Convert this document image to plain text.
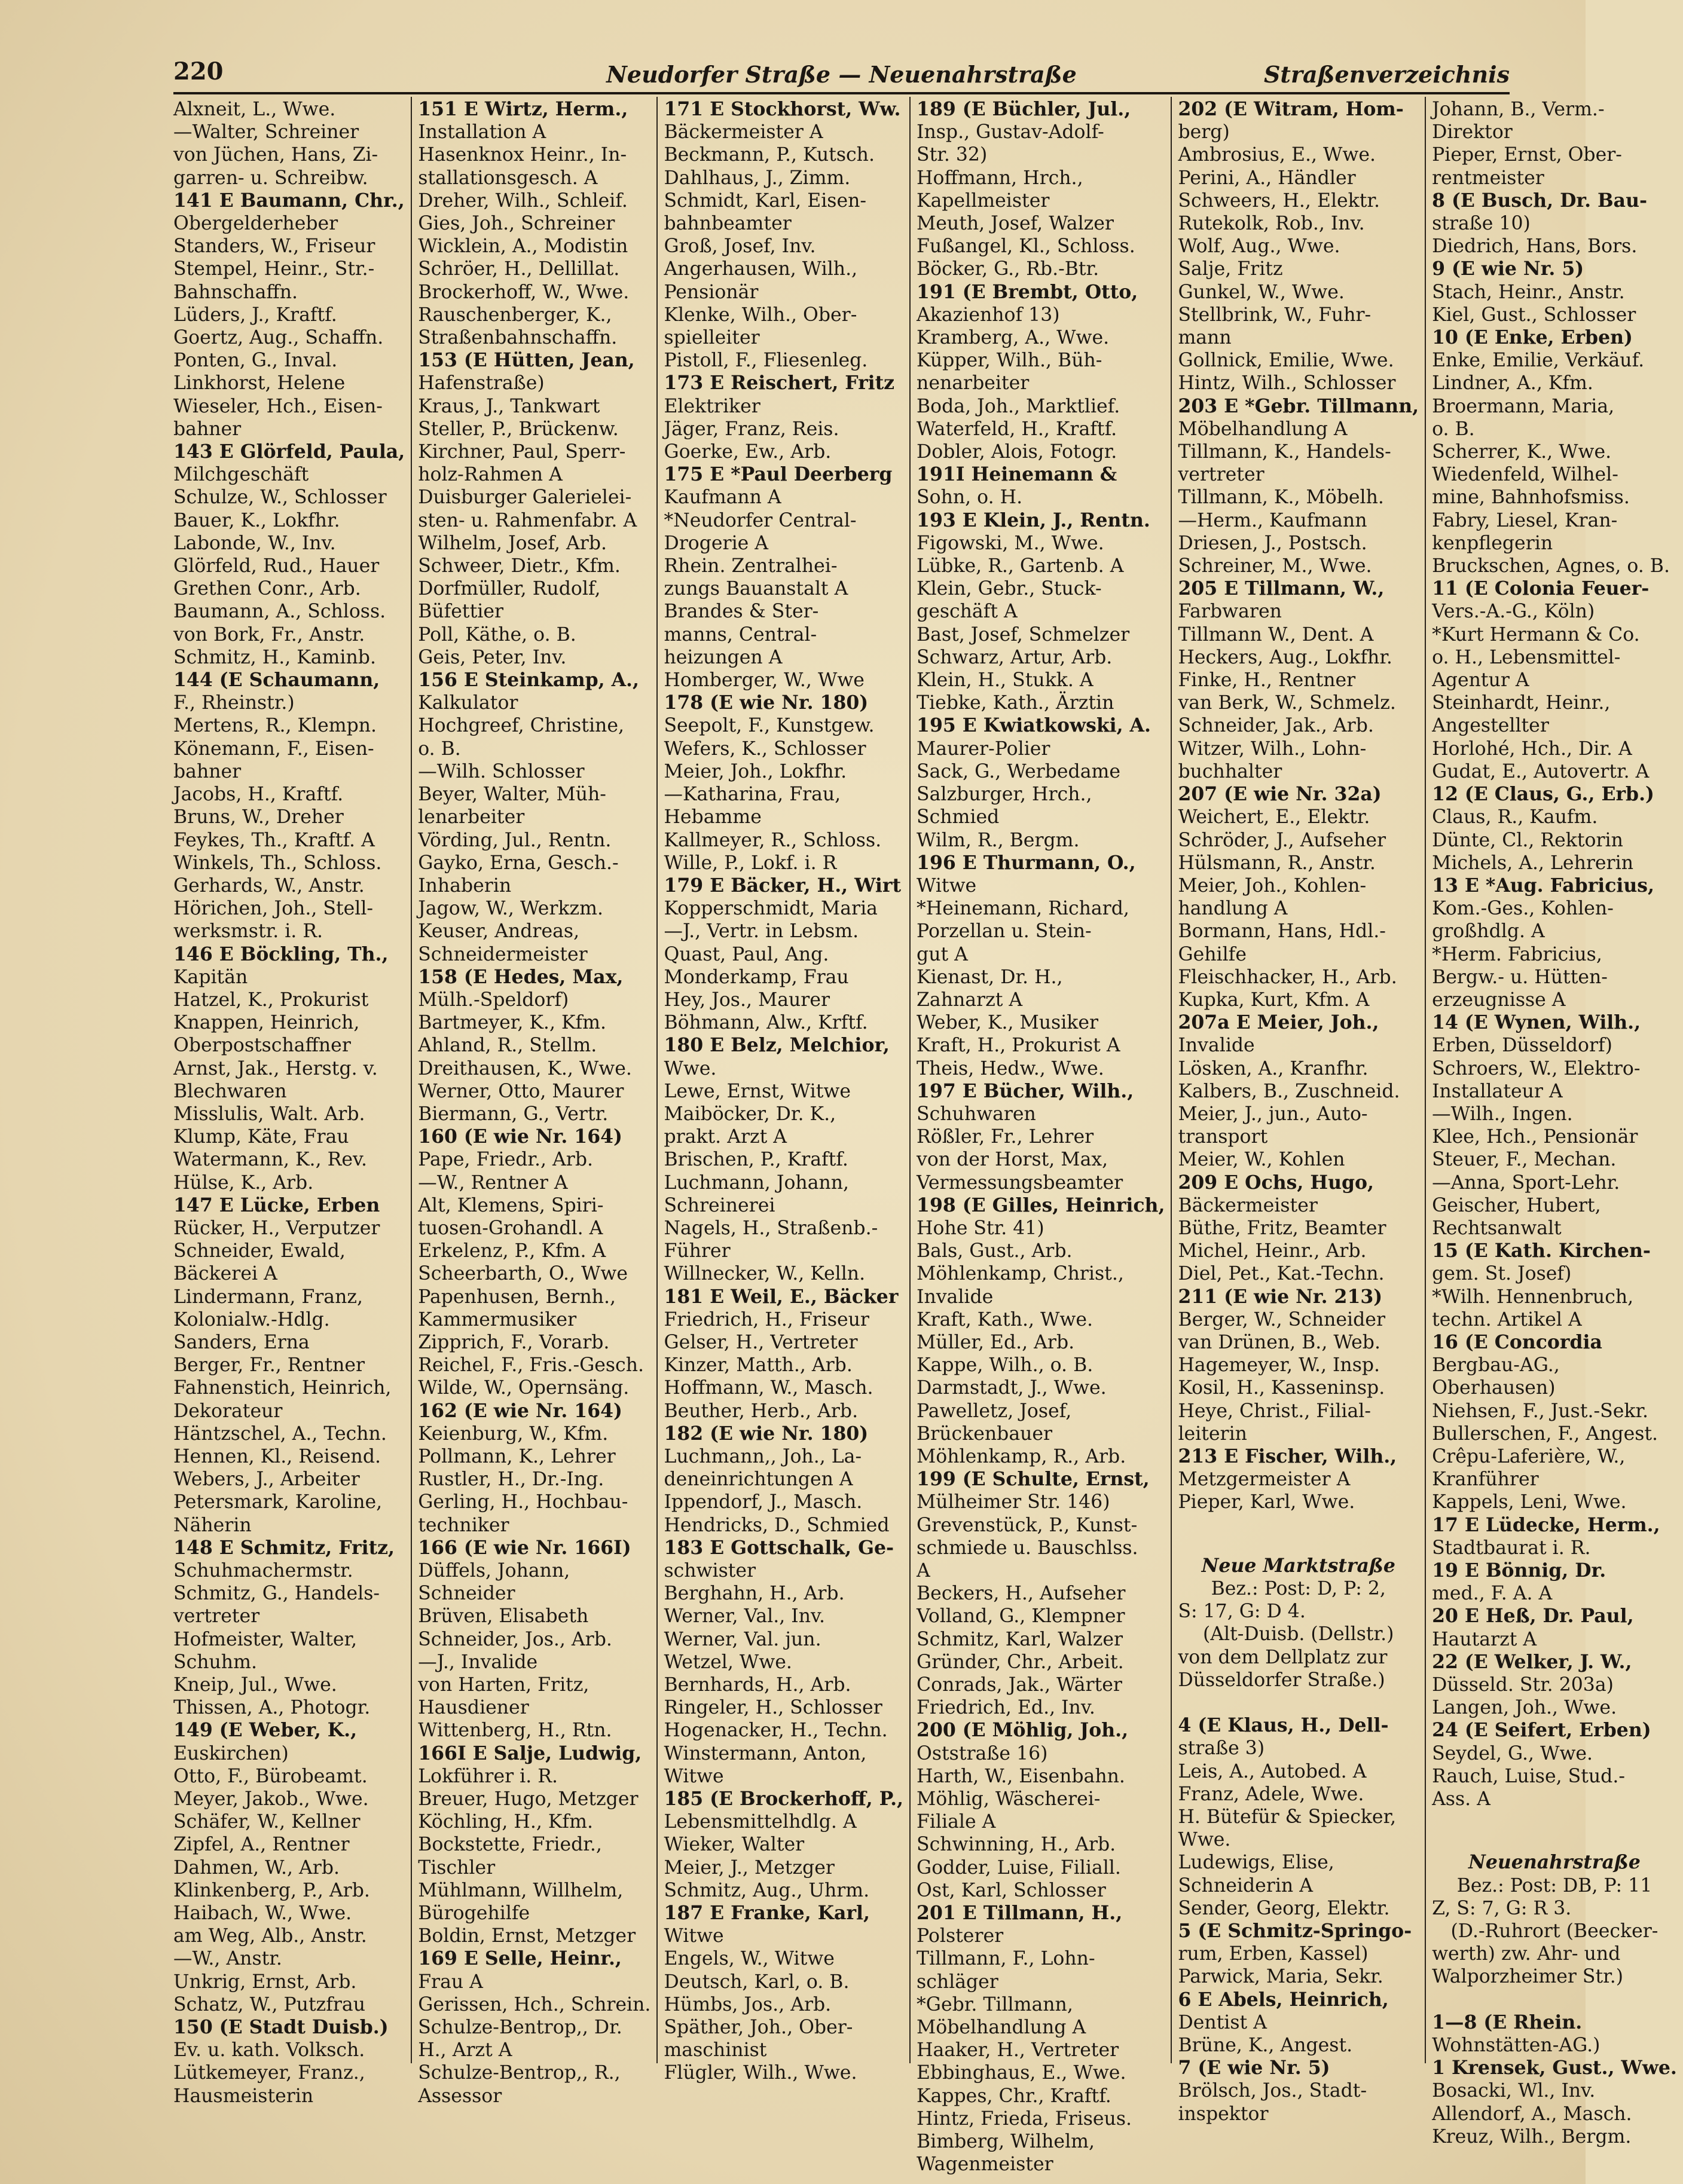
220	Neudorfer Straße — Neuenahrstraße	Straßenverzeichnis
Alxneit, L., Wwe.
—Walter, Schreiner
von Jüchen, Hans, Zi-
garren- u. Schreibw.
141 E Baumann, Chr.,
Obergelderheber
Standers, W., Friseur
Stempel, Heinr., Str.-
Bahnschaffn.
Lüders, J., Kraftf.
Goertz, Aug., Schaffn.
Ponten, G., Inval.
Linkhorst, Helene
Wieseler, Hch., Eisen-
bahner
143 E Glörfeld, Paula,
Milchgeschäft
Schulze, W., Schlosser
Bauer, K., Lokfhr.
Labonde, W., Inv.
Glörfeld, Rud., Hauer
Grethen Conr., Arb.
Baumann, A., Schloss.
von Bork, Fr., Anstr.
Schmitz, H., Kaminb.
144 (E Schaumann,
F., Rheinstr.)
Mertens, R., Klempn.
Könemann, F., Eisen-
bahner
Jacobs, H., Kraftf.
Bruns, W., Dreher
Feykes, Th., Kraftf. A
Winkels, Th., Schloss.
Gerhards, W., Anstr.
Hörichen, Joh., Stell-
werksmstr. i. R.
146 E Böckling, Th.,
Kapitän
Hatzel, K., Prokurist
Knappen, Heinrich,
Oberpostschaffner
Arnst, Jak., Herstg. v.
Blechwaren
Misslulis, Walt. Arb.
Klump, Käte, Frau
Watermann, K., Rev.
Hülse, K., Arb.
147 E Lücke, Erben
Rücker, H., Verputzer
Schneider, Ewald,
Bäckerei A
Lindermann, Franz,
Kolonialw.-Hdlg.
Sanders, Erna
Berger, Fr., Rentner
Fahnenstich, Heinrich,
Dekorateur
Häntzschel, A., Techn.
Hennen, Kl., Reisend.
Webers, J., Arbeiter
Petersmark, Karoline,
Näherin
148 E Schmitz, Fritz,
Schuhmachermstr.
Schmitz, G., Handels-
vertreter
Hofmeister, Walter,
Schuhm.
Kneip, Jul., Wwe.
Thissen, A., Photogr.
149 (E Weber, K.,
Euskirchen)
Otto, F., Bürobeamt.
Meyer, Jakob., Wwe.
Schäfer, W., Kellner
Zipfel, A., Rentner
Dahmen, W., Arb.
Klinkenberg, P., Arb.
Haibach, W., Wwe.
am Weg, Alb., Anstr.
—W., Anstr.
Unkrig, Ernst, Arb.
Schatz, W., Putzfrau
150 (E Stadt Duisb.)
Ev. u. kath. Volksch.
Lütkemeyer, Franz.,
Hausmeisterin
151 E Wirtz, Herm.,
Installation A
Hasenknox Heinr., In-
stallationsgesch. A
Dreher, Wilh., Schleif.
Gies, Joh., Schreiner
Wicklein, A., Modistin
Schröer, H., Dellillat.
Brockerhoff, W., Wwe.
Rauschenberger, K.,
Straßenbahnschaffn.
153 (E Hütten, Jean,
Hafenstraße)
Kraus, J., Tankwart
Steller, P., Brückenw.
Kirchner, Paul, Sperr-
holz-Rahmen A
Duisburger Galerielei-
sten- u. Rahmenfabr. A
Wilhelm, Josef, Arb.
Schweer, Dietr., Kfm.
Dorfmüller, Rudolf,
Büfettier
Poll, Käthe, o. B.
Geis, Peter, Inv.
156 E Steinkamp, A.,
Kalkulator
Hochgreef, Christine,
o. B.
—Wilh. Schlosser
Beyer, Walter, Müh-
lenarbeiter
Vörding, Jul., Rentn.
Gayko, Erna, Gesch.-
Inhaberin
Jagow, W., Werkzm.
Keuser, Andreas,
Schneidermeister
158 (E Hedes, Max,
Mülh.-Speldorf)
Bartmeyer, K., Kfm.
Ahland, R., Stellm.
Dreithausen, K., Wwe.
Werner, Otto, Maurer
Biermann, G., Vertr.
160 (E wie Nr. 164)
Pape, Friedr., Arb.
—W., Rentner A
Alt, Klemens, Spiri-
tuosen-Grohandl. A
Erkelenz, P., Kfm. A
Scheerbarth, O., Wwe
Papenhusen, Bernh.,
Kammermusiker
Zipprich, F., Vorarb.
Reichel, F., Fris.-Gesch.
Wilde, W., Opernsäng.
162 (E wie Nr. 164)
Keienburg, W., Kfm.
Pollmann, K., Lehrer
Rustler, H., Dr.-Ing.
Gerling, H., Hochbau-
techniker
166 (E wie Nr. 166I)
Düffels, Johann,
Schneider
Brüven, Elisabeth
Schneider, Jos., Arb.
—J., Invalide
von Harten, Fritz,
Hausdiener
Wittenberg, H., Rtn.
166I E Salje, Ludwig,
Lokführer i. R.
Breuer, Hugo, Metzger
Köchling, H., Kfm.
Bockstette, Friedr.,
Tischler
Mühlmann, Willhelm,
Bürogehilfe
Boldin, Ernst, Metzger
169 E Selle, Heinr.,
Frau A
Gerissen, Hch., Schrein.
Schulze-Bentrop,, Dr.
H., Arzt A
Schulze-Bentrop,, R.,
Assessor
171 E Stockhorst, Ww.
Bäckermeister A
Beckmann, P., Kutsch.
Dahlhaus, J., Zimm.
Schmidt, Karl, Eisen-
bahnbeamter
Groß, Josef, Inv.
Angerhausen, Wilh.,
Pensionär
Klenke, Wilh., Ober-
spielleiter
Pistoll, F., Fliesenleg.
173 E Reischert, Fritz
Elektriker
Jäger, Franz, Reis.
Goerke, Ew., Arb.
175 E *Paul Deerberg
Kaufmann A
*Neudorfer Central-
Drogerie A
Rhein. Zentralhei-
zungs Bauanstalt A
Brandes & Ster-
manns, Central-
heizungen A
Homberger, W., Wwe
178 (E wie Nr. 180)
Seepolt, F., Kunstgew.
Wefers, K., Schlosser
Meier, Joh., Lokfhr.
—Katharina, Frau,
Hebamme
Kallmeyer, R., Schloss.
Wille, P., Lokf. i. R
179 E Bäcker, H., Wirt
Kopperschmidt, Maria
—J., Vertr. in Lebsm.
Quast, Paul, Ang.
Monderkamp, Frau
Hey, Jos., Maurer
Böhmann, Alw., Krftf.
180 E Belz, Melchior,
Wwe.
Lewe, Ernst, Witwe
Maiböcker, Dr. K.,
prakt. Arzt A
Brischen, P., Kraftf.
Luchmann, Johann,
Schreinerei
Nagels, H., Straßenb.-
Führer
Willnecker, W., Kelln.
181 E Weil, E., Bäcker
Friedrich, H., Friseur
Gelser, H., Vertreter
Kinzer, Matth., Arb.
Hoffmann, W., Masch.
Beuther, Herb., Arb.
182 (E wie Nr. 180)
Luchmann,, Joh., La-
deneinrichtungen A
Ippendorf, J., Masch.
Hendricks, D., Schmied
183 E Gottschalk, Ge-
schwister
Berghahn, H., Arb.
Werner, Val., Inv.
Werner, Val. jun.
Wetzel, Wwe.
Bernhards, H., Arb.
Ringeler, H., Schlosser
Hogenacker, H., Techn.
Winstermann, Anton,
Witwe
185 (E Brockerhoff, P.,
Lebensmittelhdlg. A
Wieker, Walter
Meier, J., Metzger
Schmitz, Aug., Uhrm.
187 E Franke, Karl,
Witwe
Engels, W., Witwe
Deutsch, Karl, o. B.
Hümbs, Jos., Arb.
Späther, Joh., Ober-
maschinist
Flügler, Wilh., Wwe.
189 (E Büchler, Jul.,
Insp., Gustav-Adolf-
Str. 32)
Hoffmann, Hrch.,
Kapellmeister
Meuth, Josef, Walzer
Fußangel, Kl., Schloss.
Böcker, G., Rb.-Btr.
191 (E Brembt, Otto,
Akazienhof 13)
Kramberg, A., Wwe.
Küpper, Wilh., Büh-
nenarbeiter
Boda, Joh., Marktlief.
Waterfeld, H., Kraftf.
Dobler, Alois, Fotogr.
191I Heinemann &
Sohn, o. H.
193 E Klein, J., Rentn.
Figowski, M., Wwe.
Lübke, R., Gartenb. A
Klein, Gebr., Stuck-
geschäft A
Bast, Josef, Schmelzer
Schwarz, Artur, Arb.
Klein, H., Stukk. A
Tiebke, Kath., Ärztin
195 E Kwiatkowski, A.
Maurer-Polier
Sack, G., Werbedame
Salzburger, Hrch.,
Schmied
Wilm, R., Bergm.
196 E Thurmann, O.,
Witwe
*Heinemann, Richard,
Porzellan u. Stein-
gut A
Kienast, Dr. H.,
Zahnarzt A
Weber, K., Musiker
Kraft, H., Prokurist A
Theis, Hedw., Wwe.
197 E Bücher, Wilh.,
Schuhwaren
Rößler, Fr., Lehrer
von der Horst, Max,
Vermessungsbeamter
198 (E Gilles, Heinrich,
Hohe Str. 41)
Bals, Gust., Arb.
Möhlenkamp, Christ.,
Invalide
Kraft, Kath., Wwe.
Müller, Ed., Arb.
Kappe, Wilh., o. B.
Darmstadt, J., Wwe.
Pawelletz, Josef,
Brückenbauer
Möhlenkamp, R., Arb.
199 (E Schulte, Ernst,
Mülheimer Str. 146)
Grevenstück, P., Kunst-
schmiede u. Bauschlss.
A
Beckers, H., Aufseher
Volland, G., Klempner
Schmitz, Karl, Walzer
Gründer, Chr., Arbeit.
Conrads, Jak., Wärter
Friedrich, Ed., Inv.
200 (E Möhlig, Joh.,
Oststraße 16)
Harth, W., Eisenbahn.
Möhlig, Wäscherei-
Filiale A
Schwinning, H., Arb.
Godder, Luise, Filiall.
Ost, Karl, Schlosser
201 E Tillmann, H.,
Polsterer
Tillmann, F., Lohn-
schläger
*Gebr. Tillmann,
Möbelhandlung A
Haaker, H., Vertreter
Ebbinghaus, E., Wwe.
Kappes, Chr., Kraftf.
Hintz, Frieda, Friseus.
Bimberg, Wilhelm,
Wagenmeister
202 (E Witram, Hom-
berg)
Ambrosius, E., Wwe.
Perini, A., Händler
Schweers, H., Elektr.
Rutekolk, Rob., Inv.
Wolf, Aug., Wwe.
Salje, Fritz
Gunkel, W., Wwe.
Stellbrink, W., Fuhr-
mann
Gollnick, Emilie, Wwe.
Hintz, Wilh., Schlosser
203 E *Gebr. Tillmann,
Möbelhandlung A
Tillmann, K., Handels-
vertreter
Tillmann, K., Möbelh.
—Herm., Kaufmann
Driesen, J., Postsch.
Schreiner, M., Wwe.
205 E Tillmann, W.,
Farbwaren
Tillmann W., Dent. A
Heckers, Aug., Lokfhr.
Finke, H., Rentner
van Berk, W., Schmelz.
Schneider, Jak., Arb.
Witzer, Wilh., Lohn-
buchhalter
207 (E wie Nr. 32a)
Weichert, E., Elektr.
Schröder, J., Aufseher
Hülsmann, R., Anstr.
Meier, Joh., Kohlen-
handlung A
Bormann, Hans, Hdl.-
Gehilfe
Fleischhacker, H., Arb.
Kupka, Kurt, Kfm. A
207a E Meier, Joh.,
Invalide
Lösken, A., Kranfhr.
Kalbers, B., Zuschneid.
Meier, J., jun., Auto-
transport
Meier, W., Kohlen
209 E Ochs, Hugo,
Bäckermeister
Büthe, Fritz, Beamter
Michel, Heinr., Arb.
Diel, Pet., Kat.-Techn.
211 (E wie Nr. 213)
Berger, W., Schneider
van Drünen, B., Web.
Hagemeyer, W., Insp.
Kosil, H., Kasseninsp.
Heye, Christ., Filial-
leiterin
213 E Fischer, Wilh.,
Metzgermeister A
Pieper, Karl, Wwe.

Neue Marktstraße
Bez.: Post: D, P: 2,
S: 17, G: D 4.
(Alt-Duisb. (Dellstr.)
von dem Dellplatz zur
Düsseldorfer Straße.)

4 (E Klaus, H., Dell-
straße 3)
Leis, A., Autobed. A
Franz, Adele, Wwe.
H. Bütefür & Spiecker,
Wwe.
Ludewigs, Elise,
Schneiderin A
Sender, Georg, Elektr.
5 (E Schmitz-Springo-
rum, Erben, Kassel)
Parwick, Maria, Sekr.
6 E Abels, Heinrich,
Dentist A
Brüne, K., Angest.
7 (E wie Nr. 5)
Brölsch, Jos., Stadt-
inspektor
Johann, B., Verm.-
Direktor
Pieper, Ernst, Ober-
rentmeister
8 (E Busch, Dr. Bau-
straße 10)
Diedrich, Hans, Bors.
9 (E wie Nr. 5)
Stach, Heinr., Anstr.
Kiel, Gust., Schlosser
10 (E Enke, Erben)
Enke, Emilie, Verkäuf.
Lindner, A., Kfm.
Broermann, Maria,
o. B.
Scherrer, K., Wwe.
Wiedenfeld, Wilhel-
mine, Bahnhofsmiss.
Fabry, Liesel, Kran-
kenpflegerin
Bruckschen, Agnes, o. B.
11 (E Colonia Feuer-
Vers.-A.-G., Köln)
*Kurt Hermann & Co.
o. H., Lebensmittel-
Agentur A
Steinhardt, Heinr.,
Angestellter
Horlohé, Hch., Dir. A
Gudat, E., Autovertr. A
12 (E Claus, G., Erb.)
Claus, R., Kaufm.
Dünte, Cl., Rektorin
Michels, A., Lehrerin
13 E *Aug. Fabricius,
Kom.-Ges., Kohlen-
großhdlg. A
*Herm. Fabricius,
Bergw.- u. Hütten-
erzeugnisse A
14 (E Wynen, Wilh.,
Erben, Düsseldorf)
Schroers, W., Elektro-
Installateur A
—Wilh., Ingen.
Klee, Hch., Pensionär
Steuer, F., Mechan.
—Anna, Sport-Lehr.
Geischer, Hubert,
Rechtsanwalt
15 (E Kath. Kirchen-
gem. St. Josef)
*Wilh. Hennenbruch,
techn. Artikel A
16 (E Concordia
Bergbau-AG.,
Oberhausen)
Niehsen, F., Just.-Sekr.
Bullerschen, F., Angest.
Crêpu-Laferière, W.,
Kranführer
Kappels, Leni, Wwe.
17 E Lüdecke, Herm.,
Stadtbaurat i. R.
19 E Bönnig, Dr.
med., F. A. A
20 E Heß, Dr. Paul,
Hautarzt A
22 (E Welker, J. W.,
Düsseld. Str. 203a)
Langen, Joh., Wwe.
24 (E Seifert, Erben)
Seydel, G., Wwe.
Rauch, Luise, Stud.-
Ass. A

Neuenahrstraße
Bez.: Post: DB, P: 11
Z, S: 7, G: R 3.
(D.-Ruhrort (Beecker-
werth) zw. Ahr- und
Walporzheimer Str.)

1—8 (E Rhein.
Wohnstätten-AG.)
1 Krensek, Gust., Wwe.
Bosacki, Wl., Inv.
Allendorf, A., Masch.
Kreuz, Wilh., Bergm.
